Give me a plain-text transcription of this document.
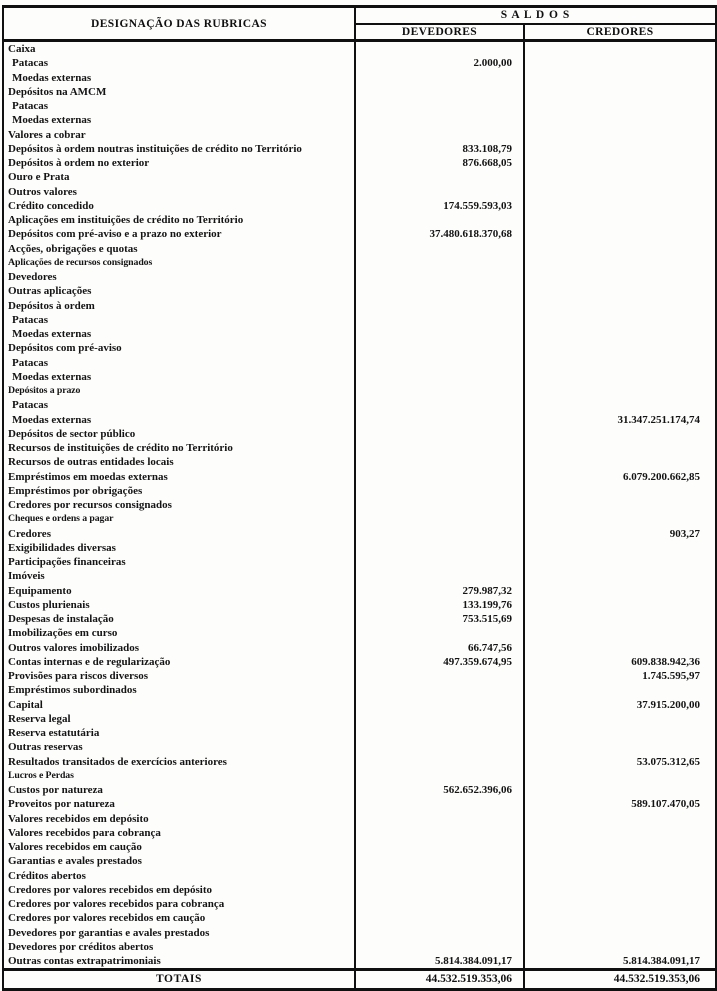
DESIGNAÇÃO DAS RUBRICAS	S A L D O S	
	DEVEDORES	CREDORES
Caixa		
Patacas	2.000,00	
Moedas externas		
Depósitos na AMCM		
Patacas		
Moedas externas		
Valores a cobrar		
Depósitos à ordem noutras instituições de crédito no Território	833.108,79	
Depósitos à ordem no exterior	876.668,05	
Ouro e Prata		
Outros valores		
Crédito concedido	174.559.593,03	
Aplicações em instituições de crédito no Território		
Depósitos com pré-aviso e a prazo no exterior	37.480.618.370,68	
Acções, obrigações e quotas		
Aplicações de recursos consignados		
Devedores		
Outras aplicações		
Depósitos à ordem		
Patacas		
Moedas externas		
Depósitos com pré-aviso		
Patacas		
Moedas externas		
Depósitos a prazo		
Patacas		
Moedas externas		31.347.251.174,74
Depósitos de sector público		
Recursos de instituições de crédito no Território		
Recursos de outras entidades locais		
Empréstimos em moedas externas		6.079.200.662,85
Empréstimos por obrigações		
Credores por recursos consignados		
Cheques e ordens a pagar		
Credores		903,27
Exigibilidades diversas		
Participações financeiras		
Imóveis		
Equipamento	279.987,32	
Custos plurienais	133.199,76	
Despesas de instalação	753.515,69	
Imobilizações em curso		
Outros valores imobilizados	66.747,56	
Contas internas e de regularização	497.359.674,95	609.838.942,36
Provisões para riscos diversos		1.745.595,97
Empréstimos subordinados		
Capital		37.915.200,00
Reserva legal		
Reserva estatutária		
Outras reservas		
Resultados transitados de exercícios anteriores		53.075.312,65
Lucros e Perdas		
Custos por natureza	562.652.396,06	
Proveitos por natureza		589.107.470,05
Valores recebidos em depósito		
Valores recebidos para cobrança		
Valores recebidos em caução		
Garantias e avales prestados		
Créditos abertos		
Credores por valores recebidos em depósito		
Credores por valores recebidos para cobrança		
Credores por valores recebidos em caução		
Devedores por garantias e avales prestados		
Devedores por créditos abertos		
Outras contas extrapatrimoniais	5.814.384.091,17	5.814.384.091,17
TOTAIS	44.532.519.353,06	44.532.519.353,06
